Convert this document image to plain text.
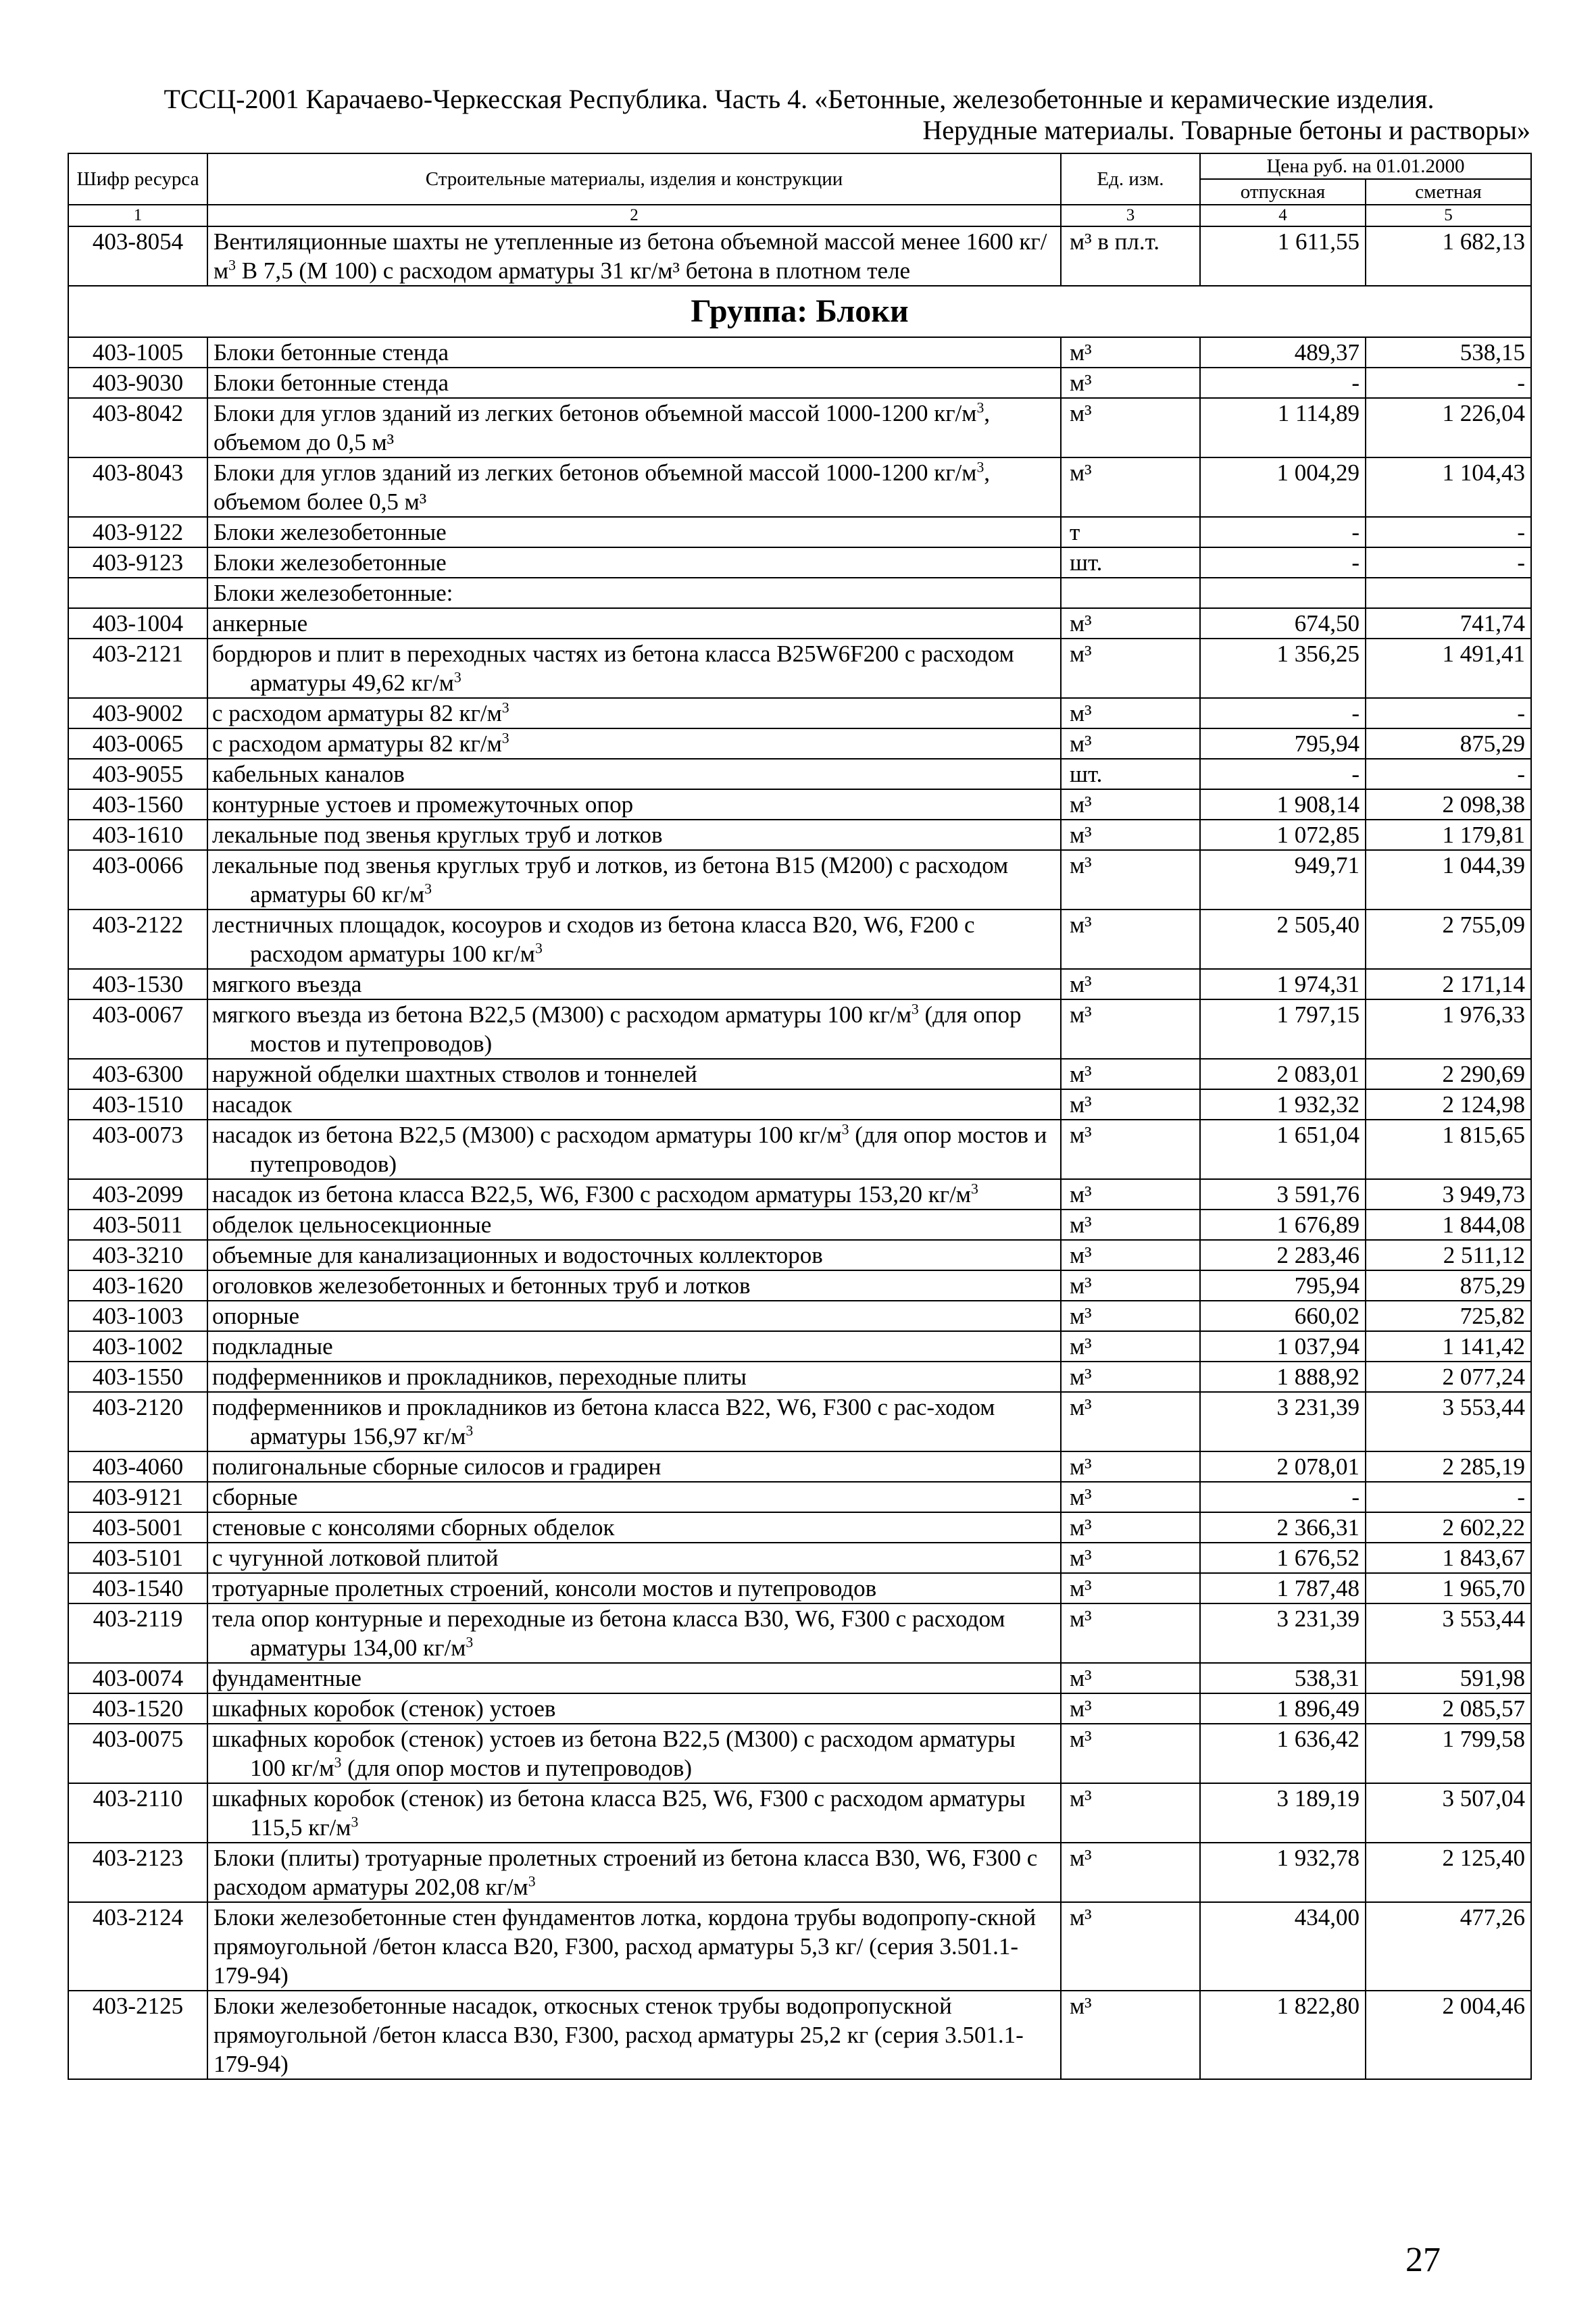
ТССЦ-2001 Карачаево-Черкесская Республика. Часть 4. «Бетонные, железобетонные и керамические изделия.
Нерудные материалы. Товарные бетоны и растворы»
Шифр ресурса	Строительные материалы, изделия и конструкции	Ед. изм.	Цена руб. на 01.01.2000	
			отпускная	сметная
1	2	3	4	5
403-8054	Вентиляционные шахты не утепленные из бетона объемной массой менее 1600 $кг/м^3$ В 7,5 (М 100) с расходом арматуры 31 кг/м³ бетона в плотном теле	м³ в пл.т.	1 611,55	1 682,13
Группа: Блоки				
403-1005	Блоки бетонные стенда	м³	489,37	538,15
403-9030	Блоки бетонные стенда	м³	-	-
403-8042	Блоки для углов зданий из легких бетонов объемной массой 1000-1200 $кг/м^3$, объемом до 0,5 м³	м³	1 114,89	1 226,04
403-8043	Блоки для углов зданий из легких бетонов объемной массой 1000-1200 $кг/м^3$, объемом более 0,5 м³	м³	1 004,29	1 104,43
403-9122	Блоки железобетонные	т	-	-
403-9123	Блоки железобетонные	шт.	-	-
	Блоки железобетонные:			
403-1004	анкерные	м³	674,50	741,74
403-2121	бордюров и плит в переходных частях из бетона класса B25W6F200 с расходом арматуры 49,62 $кг/м^3$	м³	1 356,25	1 491,41
403-9002	с расходом арматуры 82 $кг/м^3$	м³	-	-
403-0065	с расходом арматуры 82 $кг/м^3$	м³	795,94	875,29
403-9055	кабельных каналов	шт.	-	-
403-1560	контурные устоев и промежуточных опор	м³	1 908,14	2 098,38
403-1610	лекальные под звенья круглых труб и лотков	м³	1 072,85	1 179,81
403-0066	лекальные под звенья круглых труб и лотков, из бетона В15 (М200) с расходом арматуры 60 $кг/м^3$	м³	949,71	1 044,39
403-2122	лестничных площадок, косоуров и сходов из бетона класса В20, W6, F200 с расходом арматуры 100 $кг/м^3$	м³	2 505,40	2 755,09
403-1530	мягкого въезда	м³	1 974,31	2 171,14
403-0067	мягкого въезда из бетона В22,5 (М300) с расходом арматуры 100 $кг/м^3$ (для опор мостов и путепроводов)	м³	1 797,15	1 976,33
403-6300	наружной обделки шахтных стволов и тоннелей	м³	2 083,01	2 290,69
403-1510	насадок	м³	1 932,32	2 124,98
403-0073	насадок из бетона В22,5 (М300) с расходом арматуры 100 $кг/м^3$ (для опор мостов и путепроводов)	м³	1 651,04	1 815,65
403-2099	насадок из бетона класса В22,5, W6, F300 с расходом арматуры 153,20 $кг/м^3$	м³	3 591,76	3 949,73
403-5011	обделок цельносекционные	м³	1 676,89	1 844,08
403-3210	объемные для канализационных и водосточных коллекторов	м³	2 283,46	2 511,12
403-1620	оголовков железобетонных и бетонных труб и лотков	м³	795,94	875,29
403-1003	опорные	м³	660,02	725,82
403-1002	подкладные	м³	1 037,94	1 141,42
403-1550	подферменников и прокладников, переходные плиты	м³	1 888,92	2 077,24
403-2120	подферменников и прокладников из бетона класса В22, W6, F300 с рас-ходом арматуры 156,97 $кг/м^3$	м³	3 231,39	3 553,44
403-4060	полигональные сборные силосов и градирен	м³	2 078,01	2 285,19
403-9121	сборные	м³	-	-
403-5001	стеновые с консолями сборных обделок	м³	2 366,31	2 602,22
403-5101	с чугунной лотковой плитой	м³	1 676,52	1 843,67
403-1540	тротуарные пролетных строений, консоли мостов и путепроводов	м³	1 787,48	1 965,70
403-2119	тела опор контурные и переходные из бетона класса В30, W6, F300 с расходом арматуры 134,00 $кг/м^3$	м³	3 231,39	3 553,44
403-0074	фундаментные	м³	538,31	591,98
403-1520	шкафных коробок (стенок) устоев	м³	1 896,49	2 085,57
403-0075	шкафных коробок (стенок) устоев из бетона В22,5 (М300) с расходом арматуры 100 $кг/м^3$ (для опор мостов и путепроводов)	м³	1 636,42	1 799,58
403-2110	шкафных коробок (стенок) из бетона класса В25, W6, F300 с расходом арматуры 115,5 $кг/м^3$	м³	3 189,19	3 507,04
403-2123	Блоки (плиты) тротуарные пролетных строений из бетона класса В30, W6, F300 с расходом арматуры 202,08 $кг/м^3$	м³	1 932,78	2 125,40
403-2124	Блоки железобетонные стен фундаментов лотка, кордона трубы водопропу-скной прямоугольной /бетон класса В20, F300, расход арматуры 5,3 кг/ (серия 3.501.1-179-94)	м³	434,00	477,26
403-2125	Блоки железобетонные насадок, откосных стенок трубы водопропускной прямоугольной /бетон класса В30, F300, расход арматуры 25,2 кг (серия 3.501.1-179-94)	м³	1 822,80	2 004,46
27
